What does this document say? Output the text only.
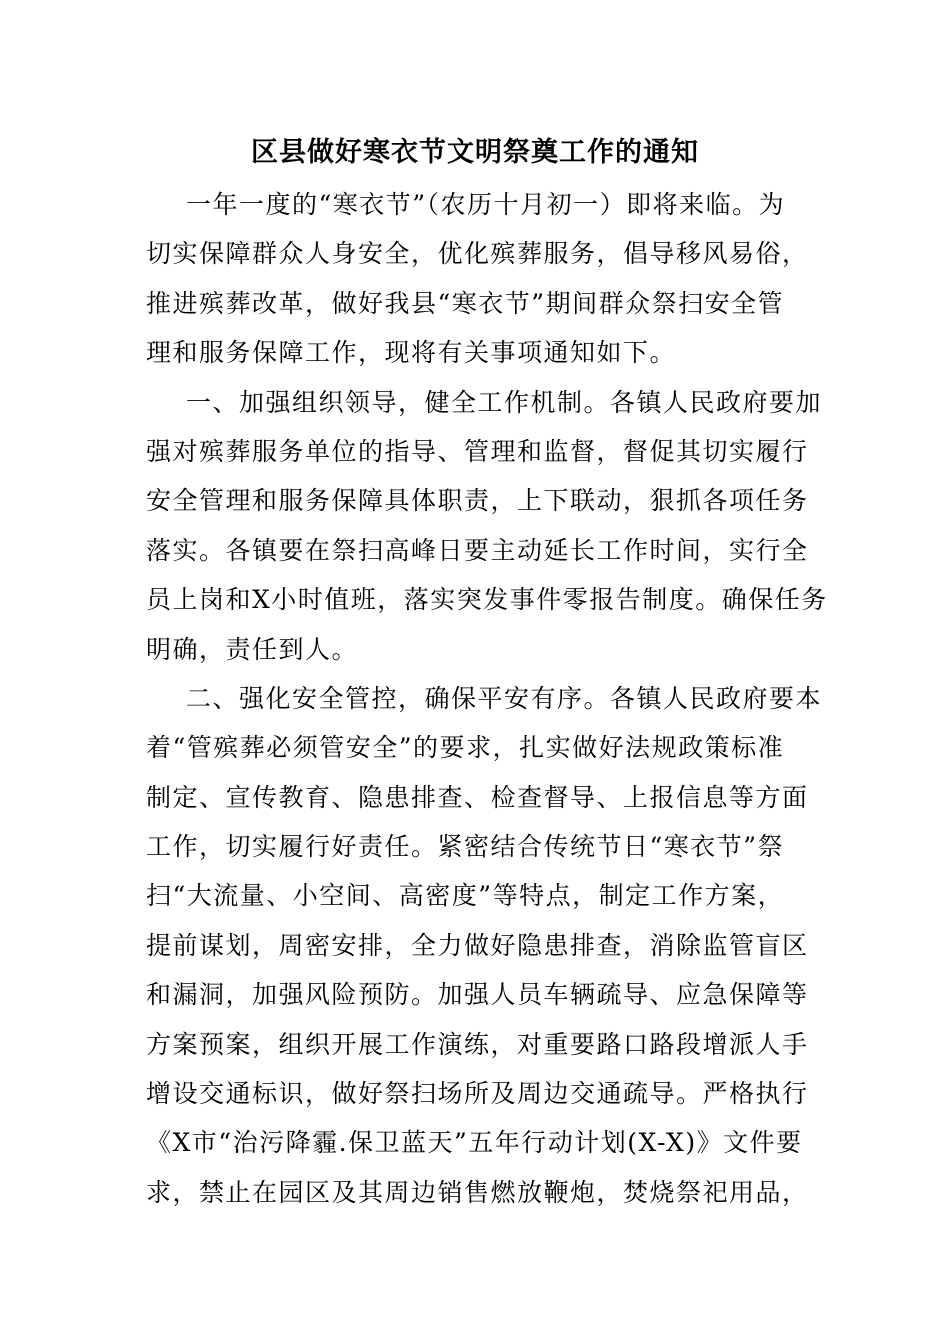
区县做好寒衣节文明祭奠工作的通知
一年一度的“寒衣节”（农历十月初一）即将来临。为
切实保障群众人身安全，优化殡葬服务，倡导移风易俗，
推进殡葬改革，做好我县“寒衣节”期间群众祭扫安全管
理和服务保障工作，现将有关事项通知如下。
一、加强组织领导，健全工作机制。各镇人民政府要加
强对殡葬服务单位的指导、管理和监督，督促其切实履行
安全管理和服务保障具体职责，上下联动，狠抓各项任务
落实。各镇要在祭扫高峰日要主动延长工作时间，实行全
员上岗和X小时值班，落实突发事件零报告制度。确保任务
明确，责任到人。
二、强化安全管控，确保平安有序。各镇人民政府要本
着“管殡葬必须管安全”的要求，扎实做好法规政策标准
制定、宣传教育、隐患排查、检查督导、上报信息等方面
工作，切实履行好责任。紧密结合传统节日“寒衣节”祭
扫“大流量、小空间、高密度”等特点，制定工作方案，
提前谋划，周密安排，全力做好隐患排查，消除监管盲区
和漏洞，加强风险预防。加强人员车辆疏导、应急保障等
方案预案，组织开展工作演练，对重要路口路段增派人手
增设交通标识，做好祭扫场所及周边交通疏导。严格执行
《X市“治污降霾.保卫蓝天”五年行动计划(X-X)》文件要
求，禁止在园区及其周边销售燃放鞭炮，焚烧祭祀用品，
